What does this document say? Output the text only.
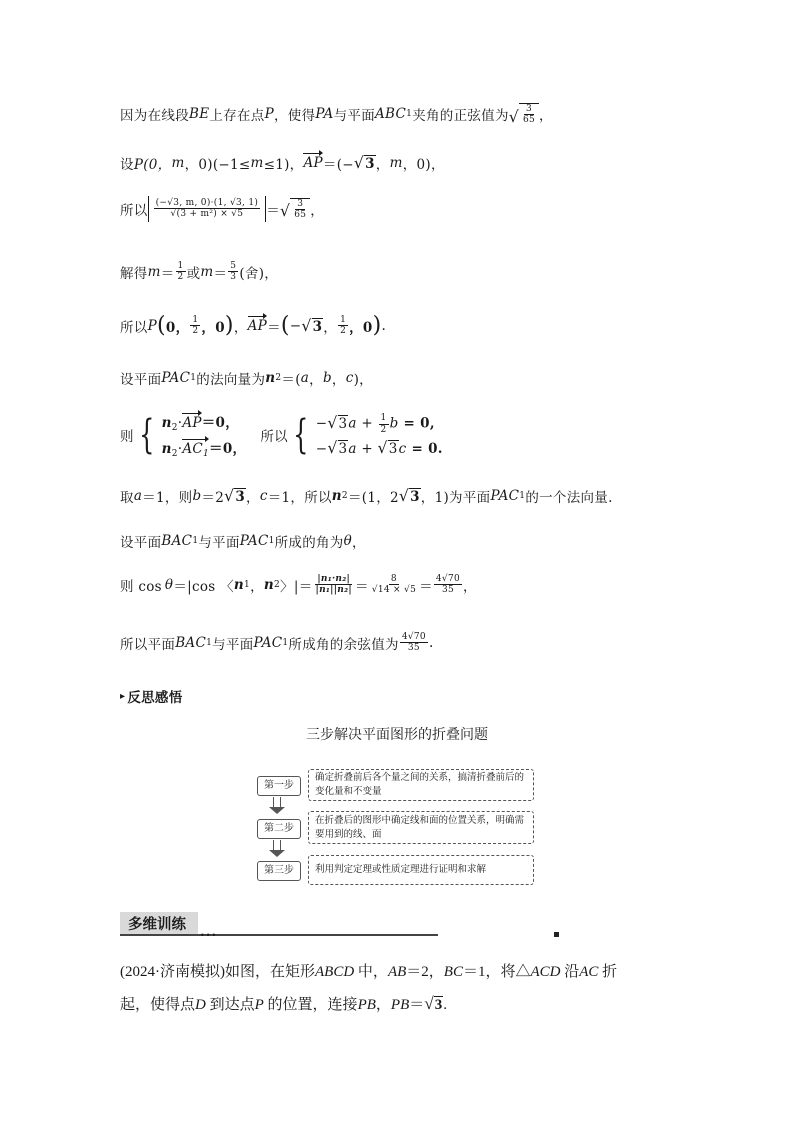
因为在线段 BE 上存在点 P ，使得 PA 与平面 ABC 1 夹角的正弦值为 √ $\frac{3}{65}$ ，
设 P(0， m ，0)(−1≤ m ≤1)， AP ＝(− √ 3 ， m ，0)，
所以 $\frac{(-√3, m, 0)\cdot(1, √3, 1)}{\text{√(3 + m²) × √5}}$ ＝ √ $\frac{3}{65}$ ，
解得 $m = \frac{1}{2}$ 或 $m = \frac{5}{3}$ (舍)，
所以 P ( 0， $\frac{1}{2}$ ，0 ) ， AP ＝ ( − √ 3 ， $\frac{1}{2}$ ，0 ) .
设平面 PAC 1 的法向量为 n 2 ＝( a ， b ， c )，
则 { $n_2\cdot AP=0$，
$n_2\cdot AC_1=0$，
所以 { − √ 3 $a + \frac{1}{2}$ b = 0,
− √ 3 a + √ 3 c = 0.
取 a ＝1，则 b ＝2 √ 3 ， c ＝1，所以 n 2 ＝(1，2 √ 3 ，1)为平面 PAC 1 的一个法向量.
设平面 BAC 1 与平面 PAC 1 所成的角为 θ ，
则 cos θ ＝|cos 〈 n 1 ， n 2 〉|＝ $\frac{\text{|n₁·n₂|}}{\text{|n₁||n₂|}} = \frac{8}{√14 \times √5} = \frac{4√70}{35}$ ，
所以平面 BAC 1 与平面 PAC 1 所成角的余弦值为 $\frac{4√70}{35}$ .
▸ 反思感悟
三步解决平面图形的折叠问题
第一步
确定折叠前后各个量之间的关系，搞清折叠前后的变化量和不变量
第二步
在折叠后的图形中确定线和面的位置关系，明确需要用到的线、面
第三步	利用判定定理或性质定理进行证明和求解
多维训练
•••
(2024·济南模拟)如图，在矩形ABCD 中，AB＝2，BC＝1，将△ACD 沿AC 折
起，使得点D 到达点P 的位置，连接PB，PB＝ √ 3 .
